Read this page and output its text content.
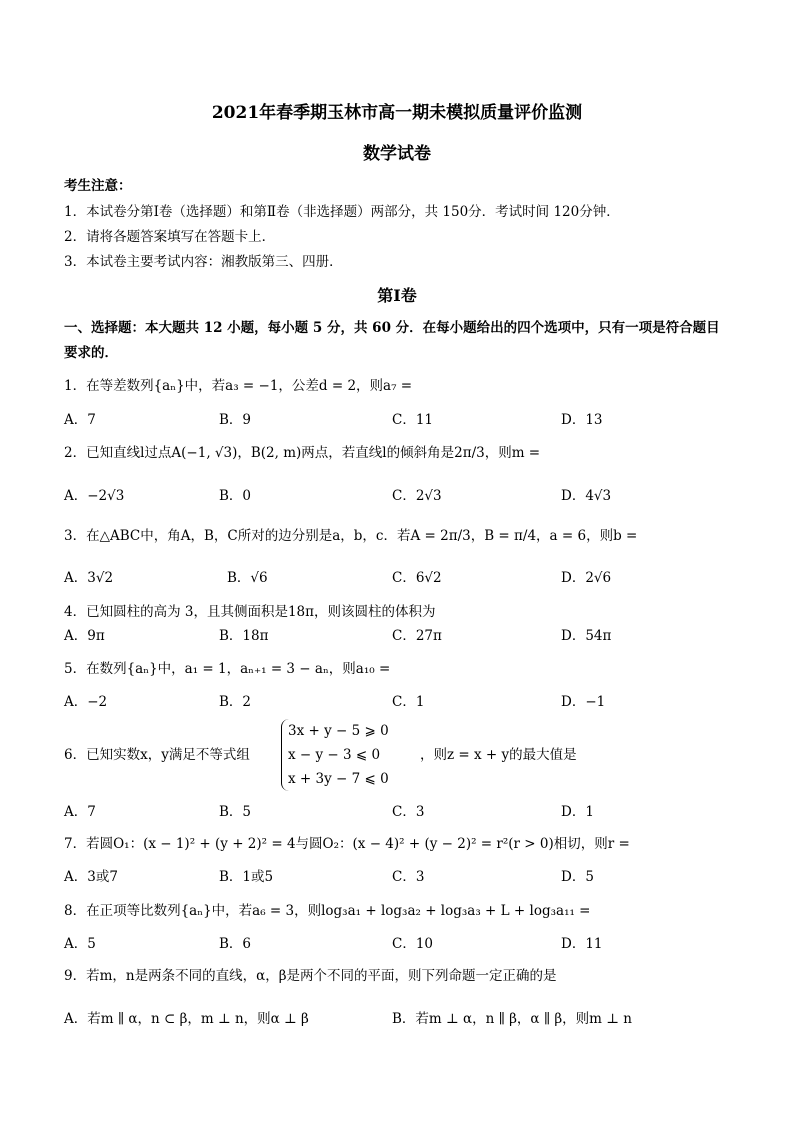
2021年春季期玉林市高一期未模拟质量评价监测
数学试卷
考生注意：
1．本试卷分第Ⅰ卷（选择题）和第Ⅱ卷（非选择题）两部分，共 150分．考试时间 120分钟．
2．请将各题答案填写在答题卡上．
3．本试卷主要考试内容：湘教版第三、四册．
第Ⅰ卷
一、选择题：本大题共 12 小题，每小题 5 分，共 60 分．在每小题给出的四个选项中，只有一项是符合题目
要求的．
1．在等差数列{aₙ}中，若a₃ = −1，公差d = 2，则a₇ =
A．7	B．9	C．11	D．13
2．已知直线l过点A(−1, √3)，B(2, m)两点，若直线l的倾斜角是2π/3，则m =
A．−2√3	B．0	C．2√3	D．4√3
3．在△ABC中，角A，B，C所对的边分别是a，b，c．若A = 2π/3，B = π/4，a = 6，则b =
A．3√2	B．√6	C．6√2	D．2√6
4．已知圆柱的高为 3，且其侧面积是18π，则该圆柱的体积为
A．9π	B．18π	C．27π	D．54π
5．在数列{aₙ}中，a₁ = 1，aₙ₊₁ = 3 − aₙ，则a₁₀ =
A．−2	B．2	C．1	D．−1
6．已知实数x，y满足不等式组
3x + y − 5 ⩾ 0
x − y − 3 ⩽ 0
x + 3y − 7 ⩽ 0
，则z = x + y的最大值是
A．7	B．5	C．3	D．1
7．若圆O₁：(x − 1)² + (y + 2)² = 4与圆O₂：(x − 4)² + (y − 2)² = r²(r > 0)相切，则r =
A．3或7	B．1或5	C．3	D．5
8．在正项等比数列{aₙ}中，若a₆ = 3，则log₃a₁ + log₃a₂ + log₃a₃ + L + log₃a₁₁ =
A．5	B．6	C．10	D．11
9．若m，n是两条不同的直线，α，β是两个不同的平面，则下列命题一定正确的是
A．若m ∥ α，n ⊂ β，m ⊥ n，则α ⊥ β	B．若m ⊥ α，n ∥ β，α ∥ β，则m ⊥ n
